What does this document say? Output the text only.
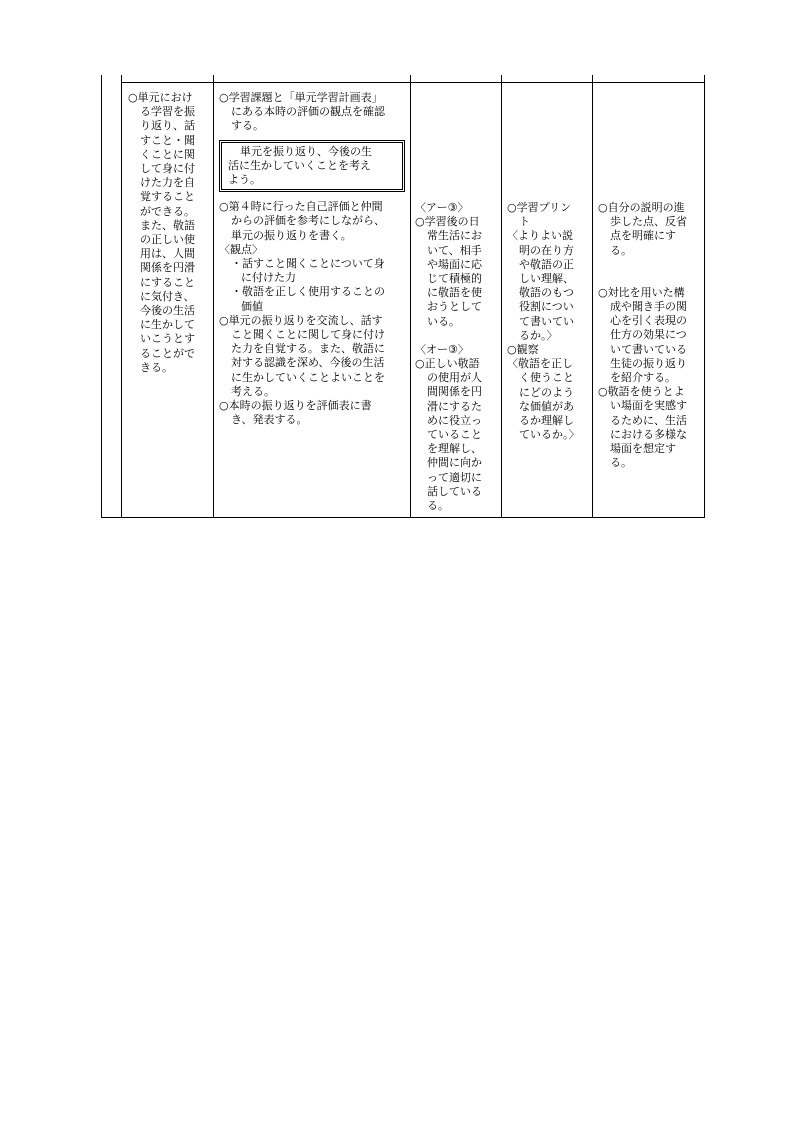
○単元におけ
る学習を振
り返り、話
すこと・聞
くことに関
して身に付
けた力を自
覚すること
ができる。
また、敬語
の正しい使
用は、人間
関係を円滑
にすること
に気付き、
今後の生活
に生かして
いこうとす
ることがで
きる。
○学習課題と「単元学習計画表」
にある本時の評価の観点を確認
する。
単元を振り返り、今後の生
活に生かしていくことを考え
よう。
○第４時に行った自己評価と仲間
からの評価を参考にしながら、
単元の振り返りを書く。
〈観点〉
・話すこと聞くことについて身
に付けた力
・敬語を正しく使用することの
価値
○単元の振り返りを交流し、話す
こと聞くことに関して身に付け
た力を自覚する。また、敬語に
対する認識を深め、今後の生活
に生かしていくことよいことを
考える。
○本時の振り返りを評価表に書
き、発表する。
〈アー③〉
○学習後の日
常生活にお
いて、相手
や場面に応
じて積極的
に敬語を使
おうとして
いる。
〈オー③〉
○正しい敬語
の使用が人
間関係を円
滑にするた
めに役立っ
ていること
を理解し、
仲間に向か
って適切に
話している
る。
○学習プリン
ト
〈よりよい説
明の在り方
や敬語の正
しい理解、
敬語のもつ
役割につい
て書いてい
るか。〉
○観察
〈敬語を正し
く使うこと
にどのよう
な価値があ
るか理解し
ているか。〉
○自分の説明の進
歩した点、反省
点を明確にす
る。
○対比を用いた構
成や聞き手の関
心を引く表現の
仕方の効果につ
いて書いている
生徒の振り返り
を紹介する。
○敬語を使うとよ
い場面を実感す
るために、生活
における多様な
場面を想定す
る。
